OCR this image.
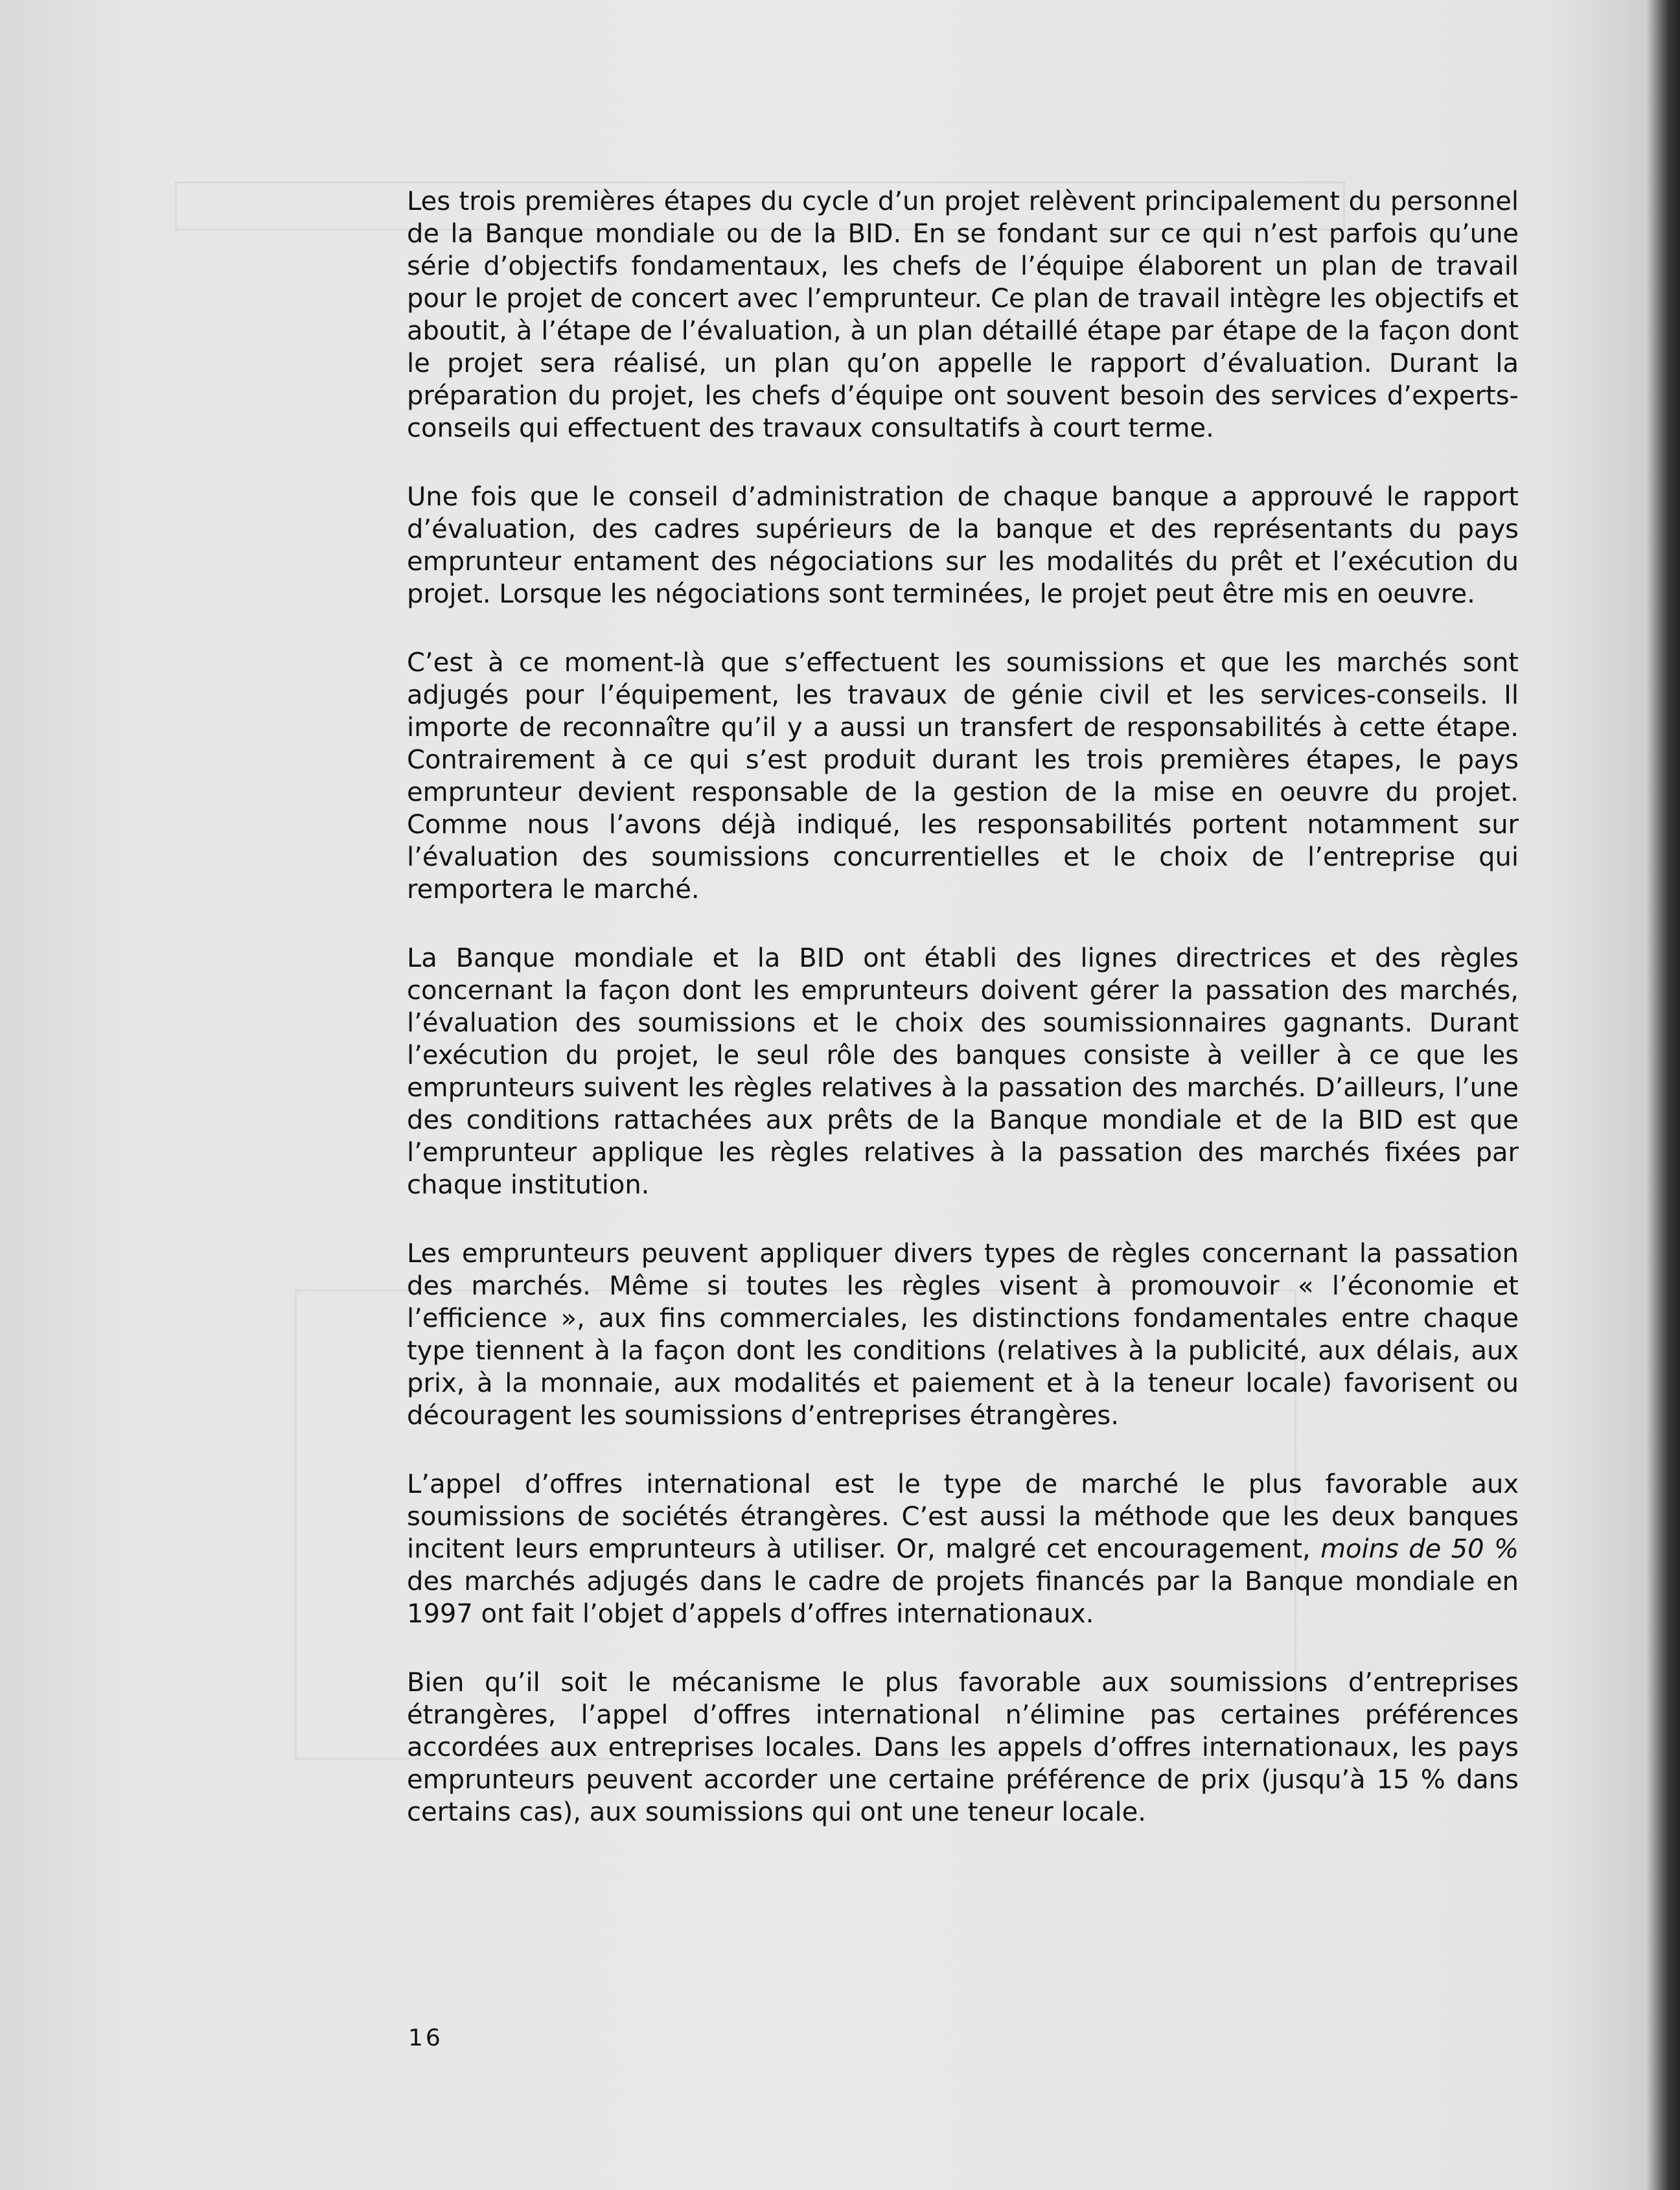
Les trois premières étapes du cycle d’un projet relèvent principalement du personnel de la Banque mondiale ou de la BID. En se fondant sur ce qui n’est parfois qu’une série d’objectifs fondamentaux, les chefs de l’équipe élaborent un plan de travail pour le projet de concert avec l’emprunteur. Ce plan de travail intègre les objectifs et aboutit, à l’étape de l’évaluation, à un plan détaillé étape par étape de la façon dont le projet sera réalisé, un plan qu’on appelle le rapport d’évaluation. Durant la préparation du projet, les chefs d’équipe ont souvent besoin des services d’experts-conseils qui effectuent des travaux consultatifs à court terme.

Une fois que le conseil d’administration de chaque banque a approuvé le rapport d’évaluation, des cadres supérieurs de la banque et des représentants du pays emprunteur entament des négociations sur les modalités du prêt et l’exécution du projet. Lorsque les négociations sont terminées, le projet peut être mis en oeuvre.

C’est à ce moment-là que s’effectuent les soumissions et que les marchés sont adjugés pour l’équipement, les travaux de génie civil et les services-conseils. Il importe de reconnaître qu’il y a aussi un transfert de responsabilités à cette étape. Contrairement à ce qui s’est produit durant les trois premières étapes, le pays emprunteur devient responsable de la gestion de la mise en oeuvre du projet. Comme nous l’avons déjà indiqué, les responsabilités portent notamment sur l’évaluation des soumissions concurrentielles et le choix de l’entreprise qui remportera le marché.

La Banque mondiale et la BID ont établi des lignes directrices et des règles concernant la façon dont les emprunteurs doivent gérer la passation des marchés, l’évaluation des soumissions et le choix des soumissionnaires gagnants. Durant l’exécution du projet, le seul rôle des banques consiste à veiller à ce que les emprunteurs suivent les règles relatives à la passation des marchés. D’ailleurs, l’une des conditions rattachées aux prêts de la Banque mondiale et de la BID est que l’emprunteur applique les règles relatives à la passation des marchés fixées par chaque institution.

Les emprunteurs peuvent appliquer divers types de règles concernant la passation des marchés. Même si toutes les règles visent à promouvoir « l’économie et l’efficience », aux fins commerciales, les distinctions fondamentales entre chaque type tiennent à la façon dont les conditions (relatives à la publicité, aux délais, aux prix, à la monnaie, aux modalités et paiement et à la teneur locale) favorisent ou découragent les soumissions d’entreprises étrangères.

L’appel d’offres international est le type de marché le plus favorable aux soumissions de sociétés étrangères. C’est aussi la méthode que les deux banques incitent leurs emprunteurs à utiliser. Or, malgré cet encouragement, moins de 50 % des marchés adjugés dans le cadre de projets financés par la Banque mondiale en 1997 ont fait l’objet d’appels d’offres internationaux.

Bien qu’il soit le mécanisme le plus favorable aux soumissions d’entreprises étrangères, l’appel d’offres international n’élimine pas certaines préférences accordées aux entreprises locales. Dans les appels d’offres internationaux, les pays emprunteurs peuvent accorder une certaine préférence de prix (jusqu’à 15 % dans certains cas), aux soumissions qui ont une teneur locale.

16
